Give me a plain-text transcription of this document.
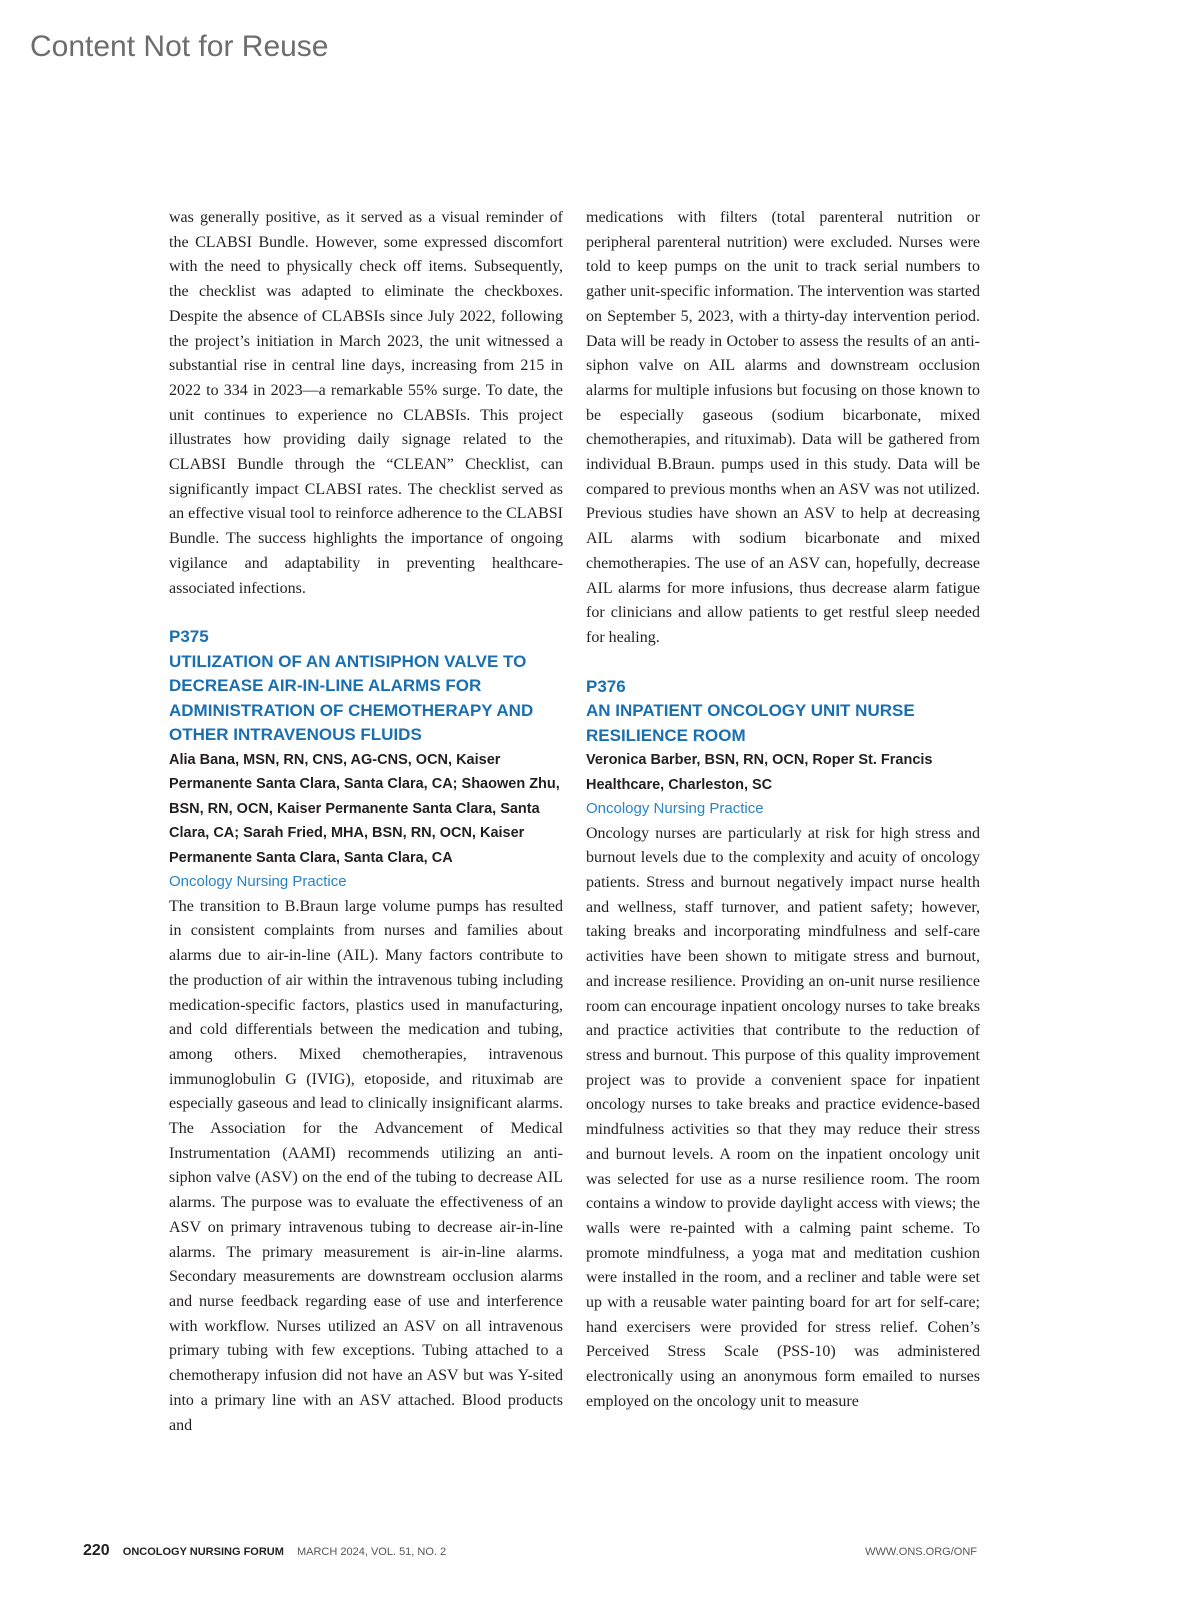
Content Not for Reuse

was generally positive, as it served as a visual reminder of the CLABSI Bundle. However, some expressed discomfort with the need to physically check off items. Subsequently, the checklist was adapted to eliminate the checkboxes. Despite the absence of CLABSIs since July 2022, following the project’s initiation in March 2023, the unit witnessed a substantial rise in central line days, increasing from 215 in 2022 to 334 in 2023—a remarkable 55% surge. To date, the unit continues to experience no CLABSIs. This project illustrates how providing daily signage related to the CLABSI Bundle through the “CLEAN” Checklist, can significantly impact CLABSI rates. The checklist served as an effective visual tool to reinforce adherence to the CLABSI Bundle. The success highlights the importance of ongoing vigilance and adaptability in preventing healthcare-associated infections.

P375
UTILIZATION OF AN ANTISIPHON VALVE TO DECREASE AIR-IN-LINE ALARMS FOR ADMINISTRATION OF CHEMOTHERAPY AND OTHER INTRAVENOUS FLUIDS
Alia Bana, MSN, RN, CNS, AG-CNS, OCN, Kaiser Permanente Santa Clara, Santa Clara, CA; Shaowen Zhu, BSN, RN, OCN, Kaiser Permanente Santa Clara, Santa Clara, CA; Sarah Fried, MHA, BSN, RN, OCN, Kaiser Permanente Santa Clara, Santa Clara, CA
Oncology Nursing Practice

The transition to B.Braun large volume pumps has resulted in consistent complaints from nurses and families about alarms due to air-in-line (AIL). Many factors contribute to the production of air within the intravenous tubing including medication-specific factors, plastics used in manufacturing, and cold differentials between the medication and tubing, among others. Mixed chemotherapies, intravenous immunoglobulin G (IVIG), etoposide, and rituximab are especially gaseous and lead to clinically insignificant alarms. The Association for the Advancement of Medical Instrumentation (AAMI) recommends utilizing an anti-siphon valve (ASV) on the end of the tubing to decrease AIL alarms. The purpose was to evaluate the effectiveness of an ASV on primary intravenous tubing to decrease air-in-line alarms. The primary measurement is air-in-line alarms. Secondary measurements are downstream occlusion alarms and nurse feedback regarding ease of use and interference with workflow. Nurses utilized an ASV on all intravenous primary tubing with few exceptions. Tubing attached to a chemotherapy infusion did not have an ASV but was Y-sited into a primary line with an ASV attached. Blood products and

medications with filters (total parenteral nutrition or peripheral parenteral nutrition) were excluded. Nurses were told to keep pumps on the unit to track serial numbers to gather unit-specific information. The intervention was started on September 5, 2023, with a thirty-day intervention period. Data will be ready in October to assess the results of an anti-siphon valve on AIL alarms and downstream occlusion alarms for multiple infusions but focusing on those known to be especially gaseous (sodium bicarbonate, mixed chemotherapies, and rituximab). Data will be gathered from individual B.Braun. pumps used in this study. Data will be compared to previous months when an ASV was not utilized. Previous studies have shown an ASV to help at decreasing AIL alarms with sodium bicarbonate and mixed chemotherapies. The use of an ASV can, hopefully, decrease AIL alarms for more infusions, thus decrease alarm fatigue for clinicians and allow patients to get restful sleep needed for healing.

P376
AN INPATIENT ONCOLOGY UNIT NURSE RESILIENCE ROOM
Veronica Barber, BSN, RN, OCN, Roper St. Francis Healthcare, Charleston, SC
Oncology Nursing Practice

Oncology nurses are particularly at risk for high stress and burnout levels due to the complexity and acuity of oncology patients. Stress and burnout negatively impact nurse health and wellness, staff turnover, and patient safety; however, taking breaks and incorporating mindfulness and self-care activities have been shown to mitigate stress and burnout, and increase resilience. Providing an on-unit nurse resilience room can encourage inpatient oncology nurses to take breaks and practice activities that contribute to the reduction of stress and burnout. This purpose of this quality improvement project was to provide a convenient space for inpatient oncology nurses to take breaks and practice evidence-based mindfulness activities so that they may reduce their stress and burnout levels. A room on the inpatient oncology unit was selected for use as a nurse resilience room. The room contains a window to provide daylight access with views; the walls were re-painted with a calming paint scheme. To promote mindfulness, a yoga mat and meditation cushion were installed in the room, and a recliner and table were set up with a reusable water painting board for art for self-care; hand exercisers were provided for stress relief. Cohen’s Perceived Stress Scale (PSS-10) was administered electronically using an anonymous form emailed to nurses employed on the oncology unit to measure

220 ONCOLOGY NURSING FORUM MARCH 2024, VOL. 51, NO. 2	WWW.ONS.ORG/ONF
